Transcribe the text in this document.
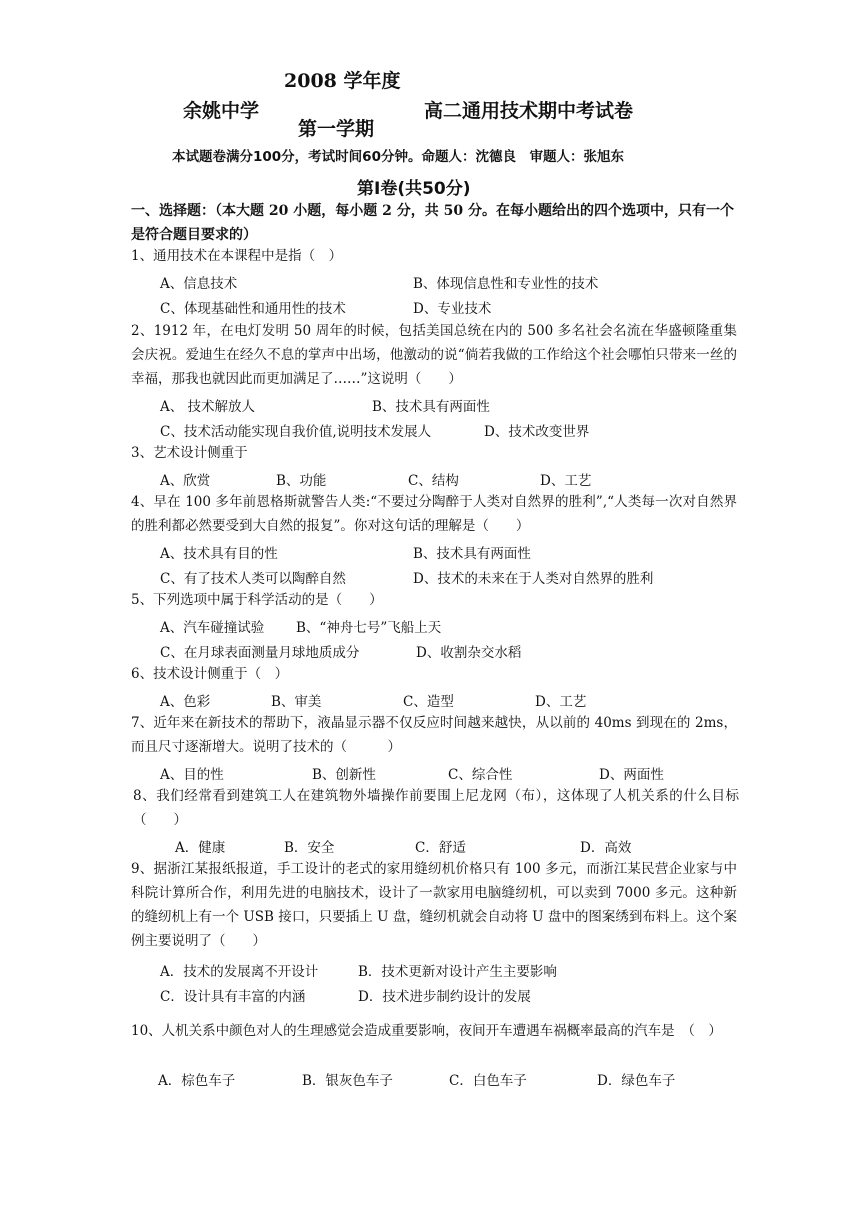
2008 学年度
余姚中学
第一学期
高二通用技术期中考试卷
本试题卷满分100分，考试时间60分钟。命题人：沈德良　审题人：张旭东
第Ⅰ卷(共50分)
一、选择题：（本大题 20 小题，每小题 2 分，共 50 分。在每小题给出的四个选项中，只有一个是符合题目要求的）
1、通用技术在本课程中是指（　）
A、信息技术	B、体现信息性和专业性的技术
C、体现基础性和通用性的技术	D、专业技术
2、1912 年，在电灯发明 50 周年的时候，包括美国总统在内的 500 多名社会名流在华盛顿隆重集会庆祝。爱迪生在经久不息的掌声中出场，他激动的说“倘若我做的工作给这个社会哪怕只带来一丝的幸福，那我也就因此而更加满足了……”这说明（　　）
A、 技术解放人	B、技术具有两面性
C、技术活动能实现自我价值,说明技术发展人	D、技术改变世界
3、艺术设计侧重于
A、欣赏	B、功能	C、结构	D、工艺
4、早在 100 多年前恩格斯就警告人类:“不要过分陶醉于人类对自然界的胜利”,“人类每一次对自然界的胜利都必然要受到大自然的报复”。你对这句话的理解是（　　）
A、技术具有目的性	B、技术具有两面性
C、有了技术人类可以陶醉自然	D、技术的未来在于人类对自然界的胜利
5、下列选项中属于科学活动的是（　　）
A、汽车碰撞试验 B、“神舟七号”飞船上天
C、在月球表面测量月球地质成分	D、收割杂交水稻
6、技术设计侧重于（　）
A、色彩	B、审美	C、造型	D、工艺
7、近年来在新技术的帮助下，液晶显示器不仅反应时间越来越快，从以前的 40ms 到现在的 2ms，而且尺寸逐渐增大。说明了技术的（　　　）
A、目的性	B、创新性	C、综合性	D、两面性
8、我们经常看到建筑工人在建筑物外墙操作前要围上尼龙网（布），这体现了人机关系的什么目标（　　）
A．健康	B．安全	C．舒适	D．高效
9、据浙江某报纸报道，手工设计的老式的家用缝纫机价格只有 100 多元，而浙江某民营企业家与中科院计算所合作，利用先进的电脑技术，设计了一款家用电脑缝纫机，可以卖到 7000 多元。这种新的缝纫机上有一个 USB 接口，只要插上 U 盘，缝纫机就会自动将 U 盘中的图案绣到布料上。这个案例主要说明了（　　）
A．技术的发展离不开设计	B．技术更新对设计产生主要影响
C．设计具有丰富的内涵	D．技术进步制约设计的发展
10、人机关系中颜色对人的生理感觉会造成重要影响，夜间开车遭遇车祸概率最高的汽车是　（　）
A．棕色车子	B．银灰色车子	C．白色车子	D．绿色车子
